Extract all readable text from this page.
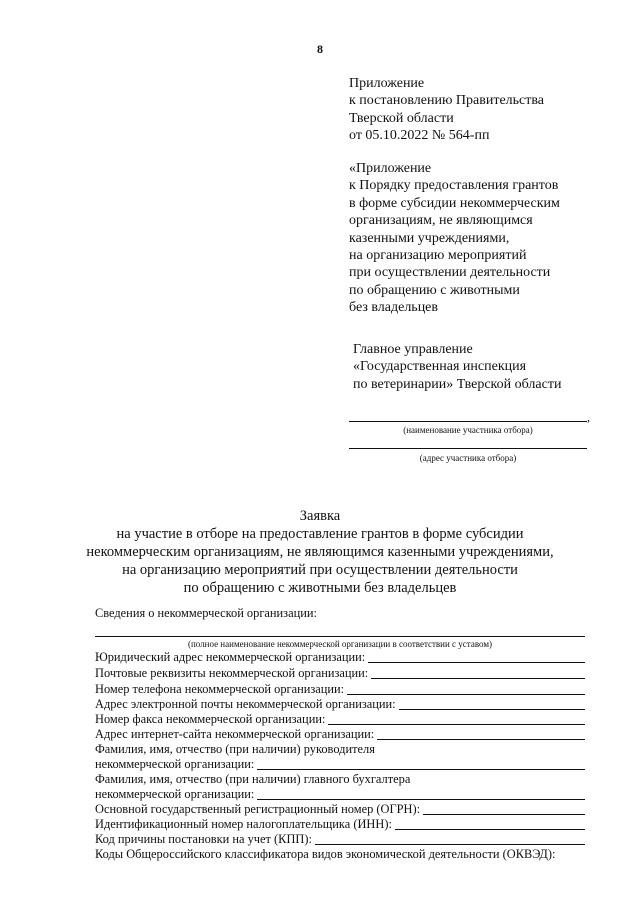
8
Приложение
к постановлению Правительства
Тверской области
от 05.10.2022 № 564-пп
«Приложение
к Порядку предоставления грантов
в форме субсидии некоммерческим
организациям, не являющимся
казенными учреждениями,
на организацию мероприятий
при осуществлении деятельности
по обращению с животными
без владельцев
Главное управление
«Государственная инспекция
по ветеринарии» Тверской области
,
(наименование участника отбора)
(адрес участника отбора)
Заявка
на участие в отборе на предоставление грантов в форме субсидии
некоммерческим организациям, не являющимся казенными учреждениями,
на организацию мероприятий при осуществлении деятельности
по обращению с животными без владельцев
Сведения о некоммерческой организации:
(полное наименование некоммерческой организации в соответствии с уставом)
Юридический адрес некоммерческой организации:
Почтовые реквизиты некоммерческой организации:
Номер телефона некоммерческой организации:
Адрес электронной почты некоммерческой организации:
Номер факса некоммерческой организации:
Адрес интернет-сайта некоммерческой организации:
Фамилия, имя, отчество (при наличии) руководителя
некоммерческой организации:
Фамилия, имя, отчество (при наличии) главного бухгалтера
некоммерческой организации:
Основной государственный регистрационный номер (ОГРН):
Идентификационный номер налогоплательщика (ИНН):
Код причины постановки на учет (КПП):
Коды Общероссийского классификатора видов экономической деятельности (ОКВЭД):
